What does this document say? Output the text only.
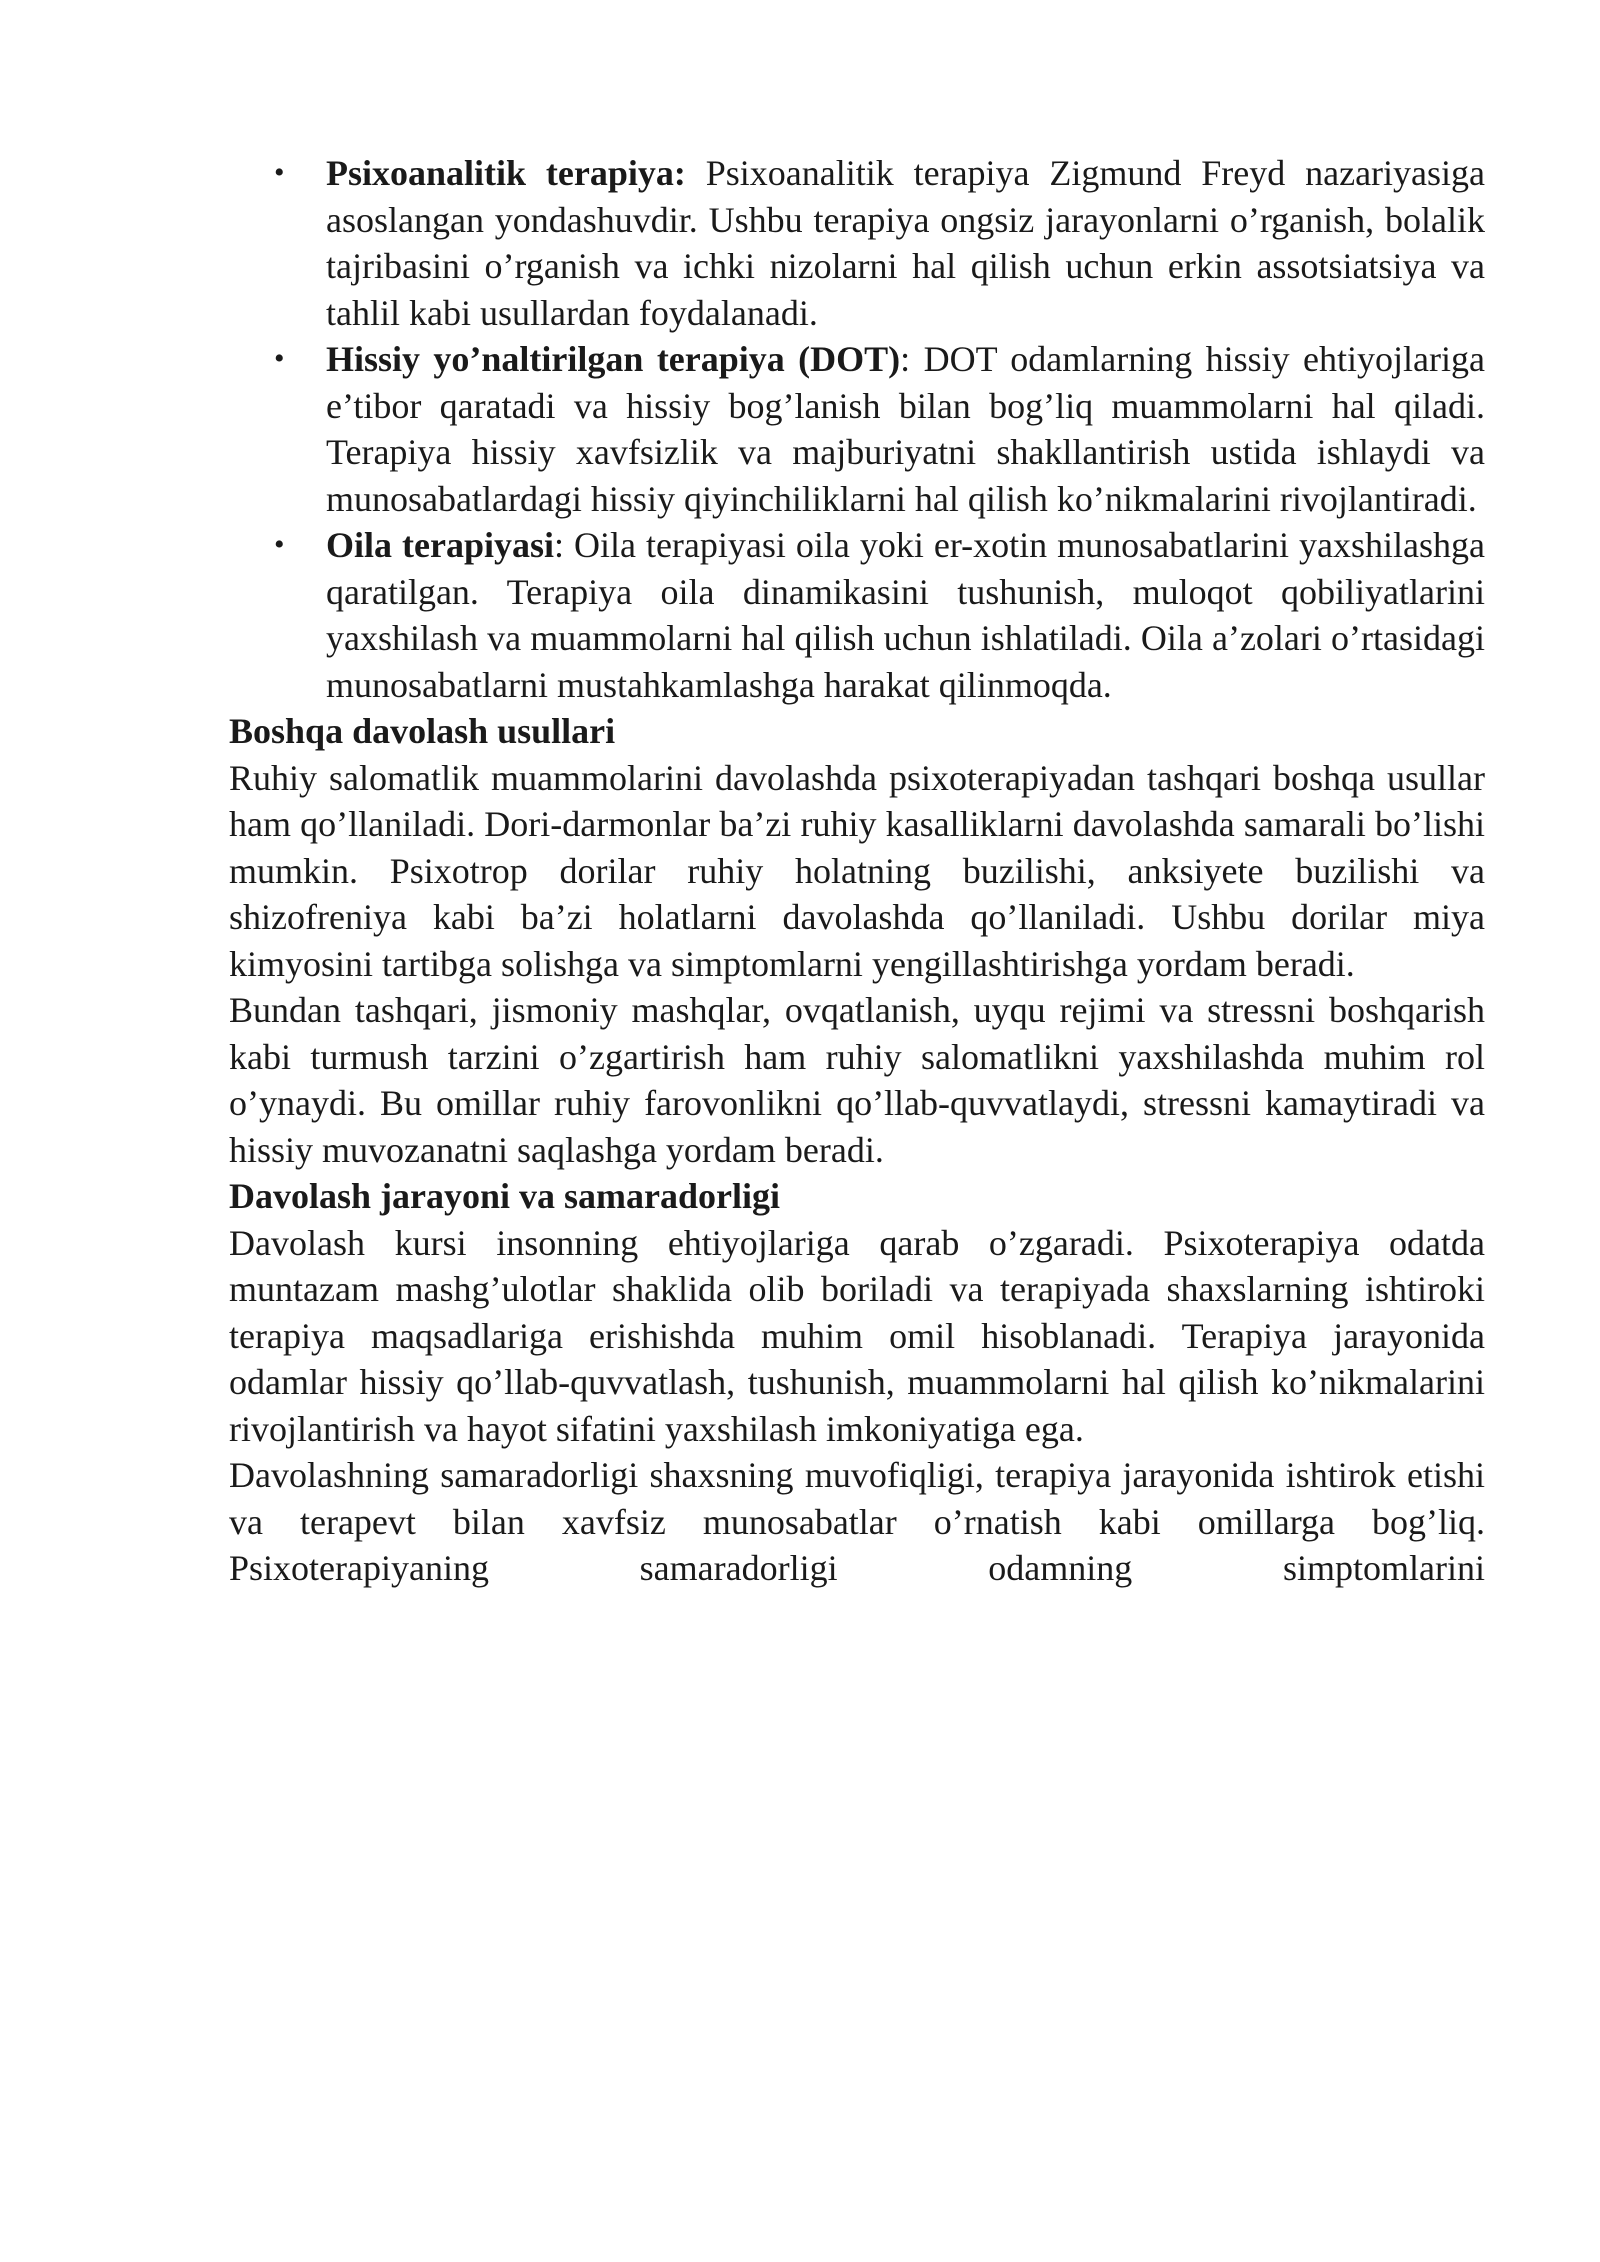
• Psixoanalitik terapiya: Psixoanalitik terapiya Zigmund Freyd nazariyasiga asoslangan yondashuvdir. Ushbu terapiya ongsiz jarayonlarni o’rganish, bolalik tajribasini o’rganish va ichki nizolarni hal qilish uchun erkin assotsiatsiya va tahlil kabi usullardan foydalanadi.
• Hissiy yo’naltirilgan terapiya (DOT): DOT odamlarning hissiy ehtiyojlariga e’tibor qaratadi va hissiy bog’lanish bilan bog’liq muammolarni hal qiladi. Terapiya hissiy xavfsizlik va majburiyatni shakllantirish ustida ishlaydi va munosabatlardagi hissiy qiyinchiliklarni hal qilish ko’nikmalarini rivojlantiradi.
• Oila terapiyasi: Oila terapiyasi oila yoki er-xotin munosabatlarini yaxshilashga qaratilgan. Terapiya oila dinamikasini tushunish, muloqot qobiliyatlarini yaxshilash va muammolarni hal qilish uchun ishlatiladi. Oila a’zolari o’rtasidagi munosabatlarni mustahkamlashga harakat qilinmoqda.
Boshqa davolash usullari

Ruhiy salomatlik muammolarini davolashda psixoterapiyadan tashqari boshqa usullar ham qo’llaniladi. Dori-darmonlar ba’zi ruhiy kasalliklarni davolashda samarali bo’lishi mumkin. Psixotrop dorilar ruhiy holatning buzilishi, anksiyete buzilishi va shizofreniya kabi ba’zi holatlarni davolashda qo’llaniladi. Ushbu dorilar miya kimyosini tartibga solishga va simptomlarni yengillashtirishga yordam beradi.

Bundan tashqari, jismoniy mashqlar, ovqatlanish, uyqu rejimi va stressni boshqarish kabi turmush tarzini o’zgartirish ham ruhiy salomatlikni yaxshilashda muhim rol o’ynaydi. Bu omillar ruhiy farovonlikni qo’llab-quvvatlaydi, stressni kamaytiradi va hissiy muvozanatni saqlashga yordam beradi.

Davolash jarayoni va samaradorligi

Davolash kursi insonning ehtiyojlariga qarab o’zgaradi. Psixoterapiya odatda muntazam mashg’ulotlar shaklida olib boriladi va terapiyada shaxslarning ishtiroki terapiya maqsadlariga erishishda muhim omil hisoblanadi. Terapiya jarayonida odamlar hissiy qo’llab-quvvatlash, tushunish, muammolarni hal qilish ko’nikmalarini rivojlantirish va hayot sifatini yaxshilash imkoniyatiga ega.

Davolashning samaradorligi shaxsning muvofiqligi, terapiya jarayonida ishtirok etishi va terapevt bilan xavfsiz munosabatlar o’rnatish kabi omillarga bog’liq. Psixoterapiyaning samaradorligi odamning simptomlarini
